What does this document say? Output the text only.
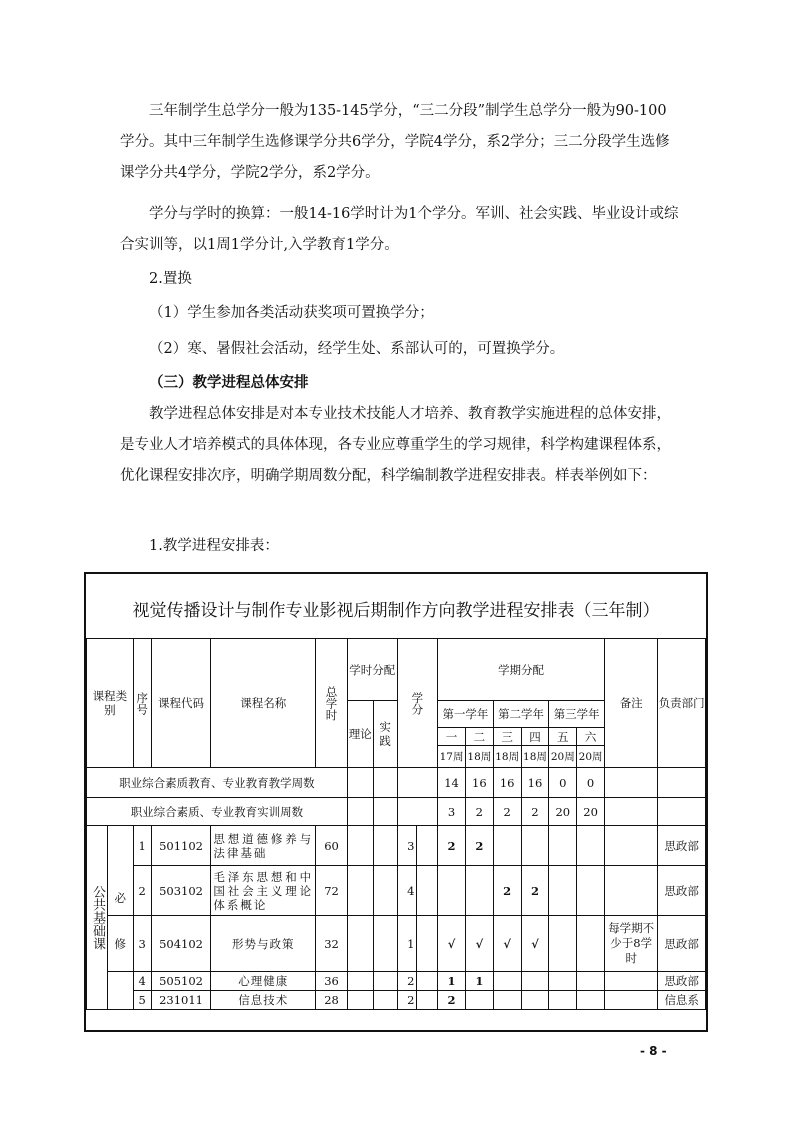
三年制学生总学分一般为135-145学分，“三二分段”制学生总学分一般为90-100学分。其中三年制学生选修课学分共6学分，学院4学分，系2学分；三二分段学生选修课学分共4学分，学院2学分，系2学分。

学分与学时的换算：一般14-16学时计为1个学分。军训、社会实践、毕业设计或综合实训等，以1周1学分计,入学教育1学分。

2.置换

（1）学生参加各类活动获奖项可置换学分；

（2）寒、暑假社会活动，经学生处、系部认可的，可置换学分。

（三）教学进程总体安排

教学进程总体安排是对本专业技术技能人才培养、教育教学实施进程的总体安排，是专业人才培养模式的具体体现，各专业应尊重学生的学习规律，科学构建课程体系，优化课程安排次序，明确学期周数分配，科学编制教学进程安排表。样表举例如下：

1.教学进程安排表：

视觉传播设计与制作专业影视后期制作方向教学进程安排表（三年制）
课程类别		序号	课程代码	课程名称	总学时	学时分配		学分		学期分配						备注	负责部门
						理论	实践			第一学年		第二学年		第三学年			
										一	二	三	四	五	六		
										17周	18周	18周	18周	20周	20周		
职业综合素质教育、专业教育教学周数										14	16	16	16	0	0		
职业综合素质、专业教育实训周数										3	2	2	2	20	20		
公共基础课	必	1	501102	思想道德修养与法律基础	60			3		2	2						思政部
		2	503102	毛泽东思想和中国社会主义理论体系概论	72			4				2	2				思政部
	修	3	504102	形势与政策	32			1		√	√	√	√			每学期不少于8学时	思政部
		4	505102	心理健康	36			2		1	1						思政部
		5	231011	信息技术	28			2		2							信息系
- 8 -
